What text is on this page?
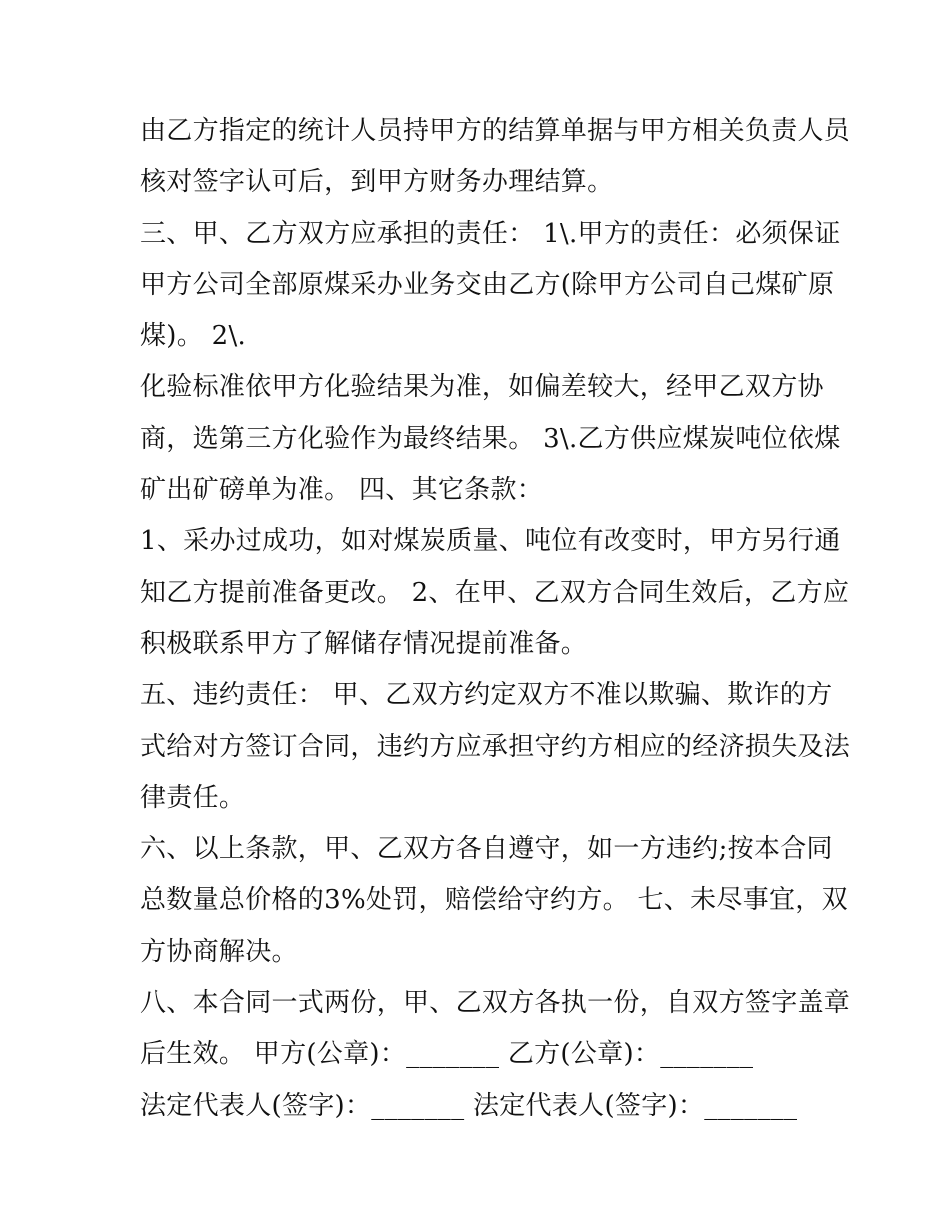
由乙方指定的统计人员持甲方的结算单据与甲方相关负责人员
核对签字认可后，到甲方财务办理结算。
三、甲、乙方双方应承担的责任： 1\.甲方的责任：必须保证
甲方公司全部原煤采办业务交由乙方(除甲方公司自己煤矿原
煤)。 2\.
化验标准依甲方化验结果为准，如偏差较大，经甲乙双方协
商，选第三方化验作为最终结果。 3\.乙方供应煤炭吨位依煤
矿出矿磅单为准。 四、其它条款：
1、采办过成功，如对煤炭质量、吨位有改变时，甲方另行通
知乙方提前准备更改。 2、在甲、乙双方合同生效后，乙方应
积极联系甲方了解储存情况提前准备。
五、违约责任： 甲、乙双方约定双方不准以欺骗、欺诈的方
式给对方签订合同，违约方应承担守约方相应的经济损失及法
律责任。
六、以上条款，甲、乙双方各自遵守，如一方违约;按本合同
总数量总价格的3%处罚，赔偿给守约方。 七、未尽事宜，双
方协商解决。
八、本合同一式两份，甲、乙双方各执一份，自双方签字盖章
后生效。 甲方(公章)：_______ 乙方(公章)：_______
法定代表人(签字)：_______ 法定代表人(签字)：_______
